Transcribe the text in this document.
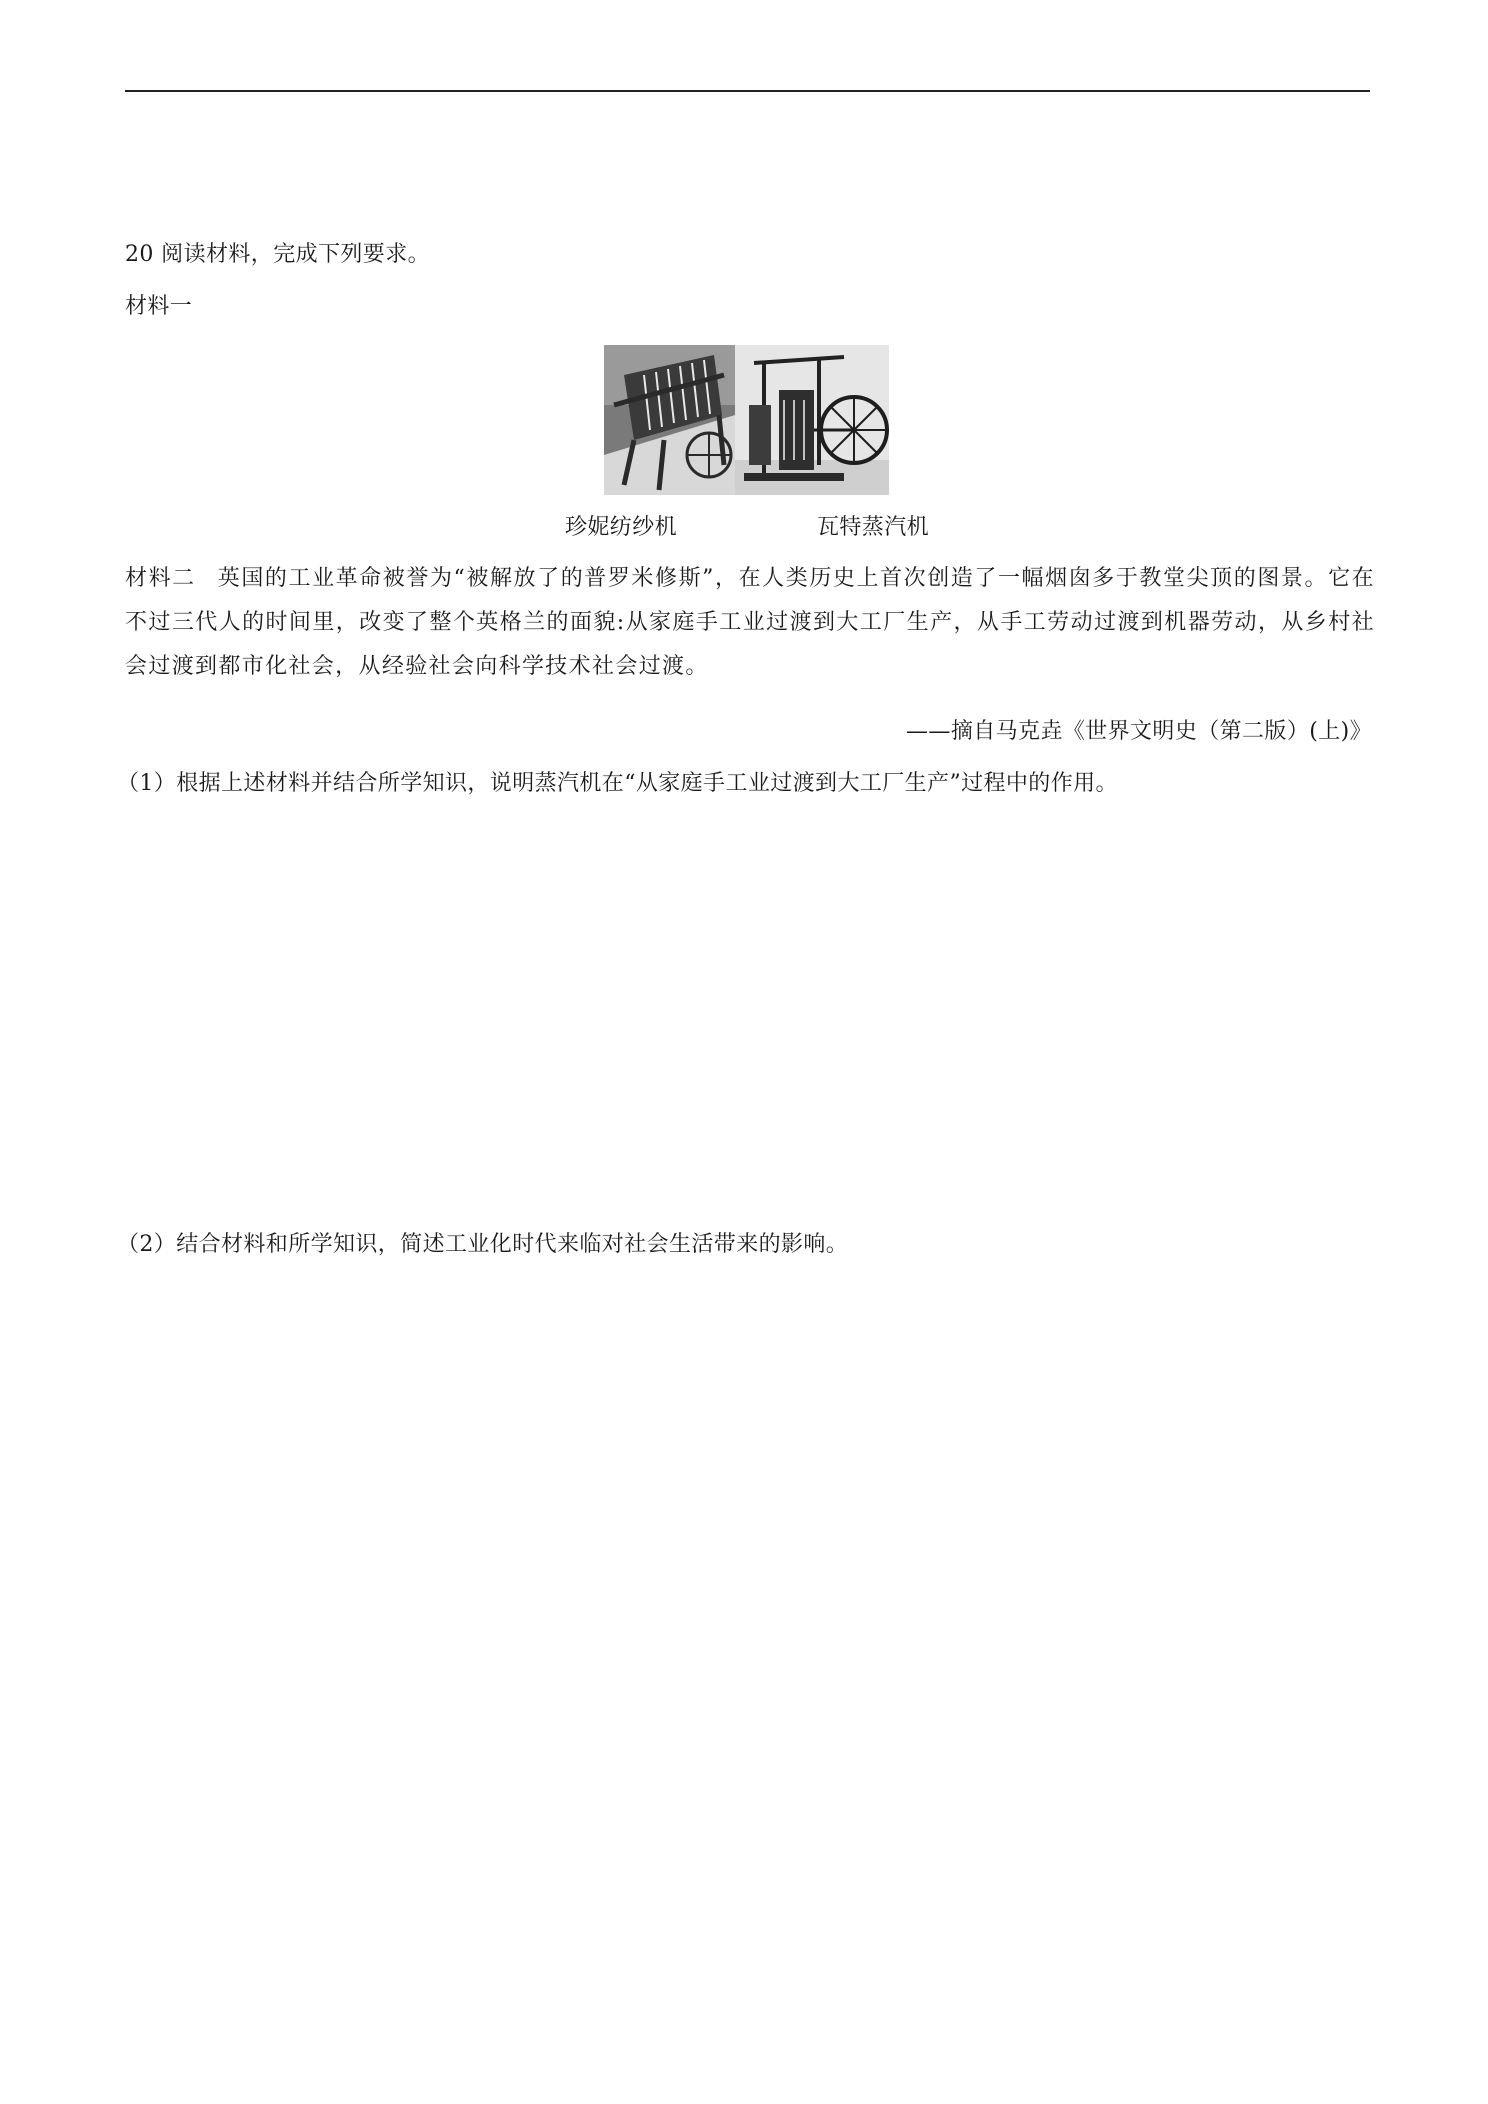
20 阅读材料，完成下列要求。
材料一
珍妮纺纱机	瓦特蒸汽机
材料二 英国的工业革命被誉为“被解放了的普罗米修斯”，在人类历史上首次创造了一幅烟囱多于教堂尖顶的图景。它在不过三代人的时间里，改变了整个英格兰的面貌:从家庭手工业过渡到大工厂生产，从手工劳动过渡到机器劳动，从乡村社会过渡到都市化社会，从经验社会向科学技术社会过渡。
——摘自马克垚《世界文明史（第二版）(上)》
（1）根据上述材料并结合所学知识，说明蒸汽机在“从家庭手工业过渡到大工厂生产”过程中的作用。
（2）结合材料和所学知识，简述工业化时代来临对社会生活带来的影响。
